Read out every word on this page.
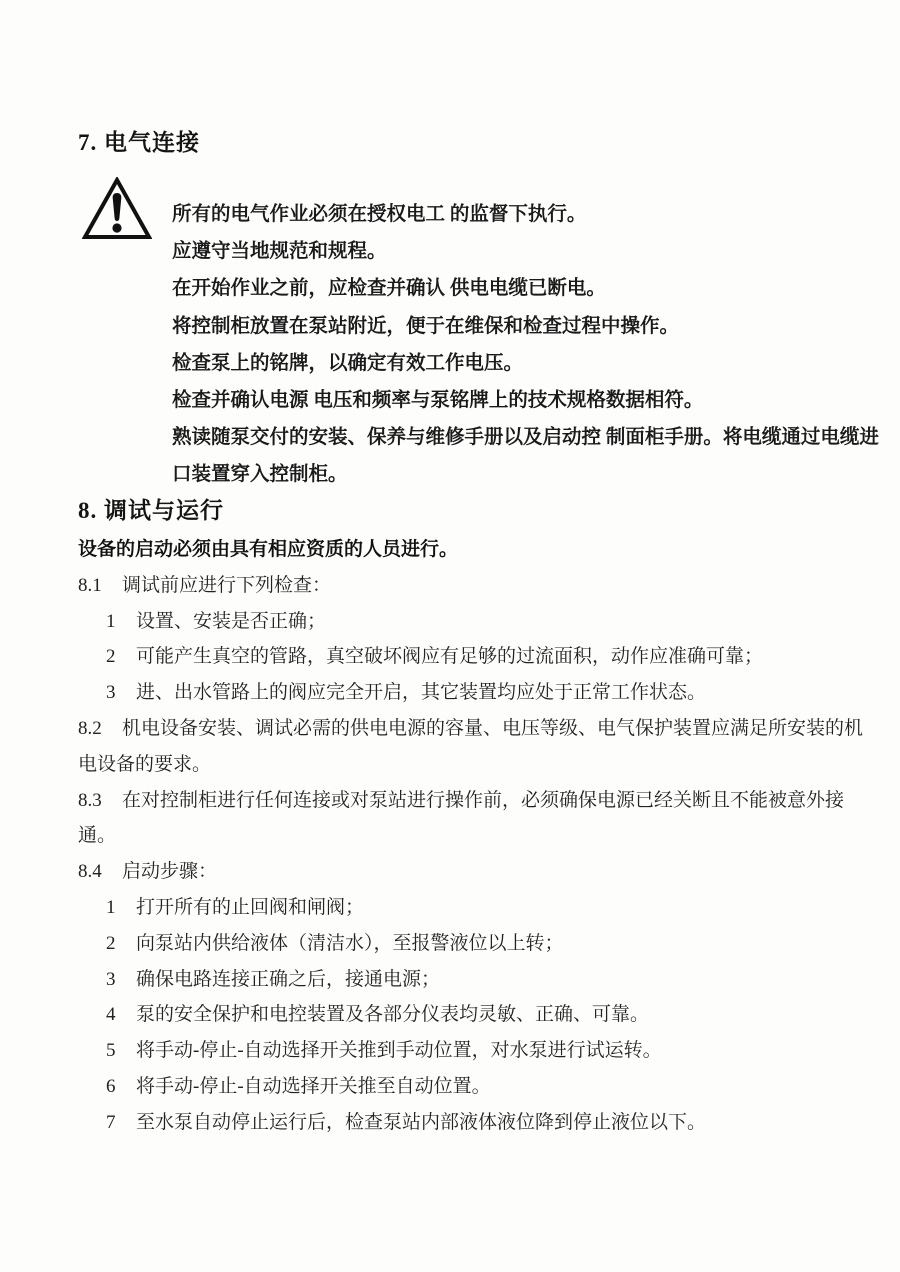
7. 电气连接
所有的电气作业必须在授权电工 的监督下执行。
应遵守当地规范和规程。
在开始作业之前，应检查并确认 供电电缆已断电。
将控制柜放置在泵站附近，便于在维保和检查过程中操作。
检查泵上的铭牌，以确定有效工作电压。
检查并确认电源 电压和频率与泵铭牌上的技术规格数据相符。
熟读随泵交付的安装、保养与维修手册以及启动控 制面柜手册。将电缆通过电缆进
口装置穿入控制柜。
8. 调试与运行
设备的启动必须由具有相应资质的人员进行。
8.1 调试前应进行下列检查：
1 设置、安装是否正确；
2 可能产生真空的管路，真空破坏阀应有足够的过流面积，动作应准确可靠；
3 进、出水管路上的阀应完全开启，其它装置均应处于正常工作状态。
8.2 机电设备安装、调试必需的供电电源的容量、电压等级、电气保护装置应满足所安装的机
电设备的要求。
8.3 在对控制柜进行任何连接或对泵站进行操作前，必须确保电源已经关断且不能被意外接
通。
8.4 启动步骤：
1 打开所有的止回阀和闸阀；
2 向泵站内供给液体（清洁水），至报警液位以上转；
3 确保电路连接正确之后，接通电源；
4 泵的安全保护和电控装置及各部分仪表均灵敏、正确、可靠。
5 将手动-停止-自动选择开关推到手动位置，对水泵进行试运转。
6 将手动-停止-自动选择开关推至自动位置。
7 至水泵自动停止运行后，检查泵站内部液体液位降到停止液位以下。
